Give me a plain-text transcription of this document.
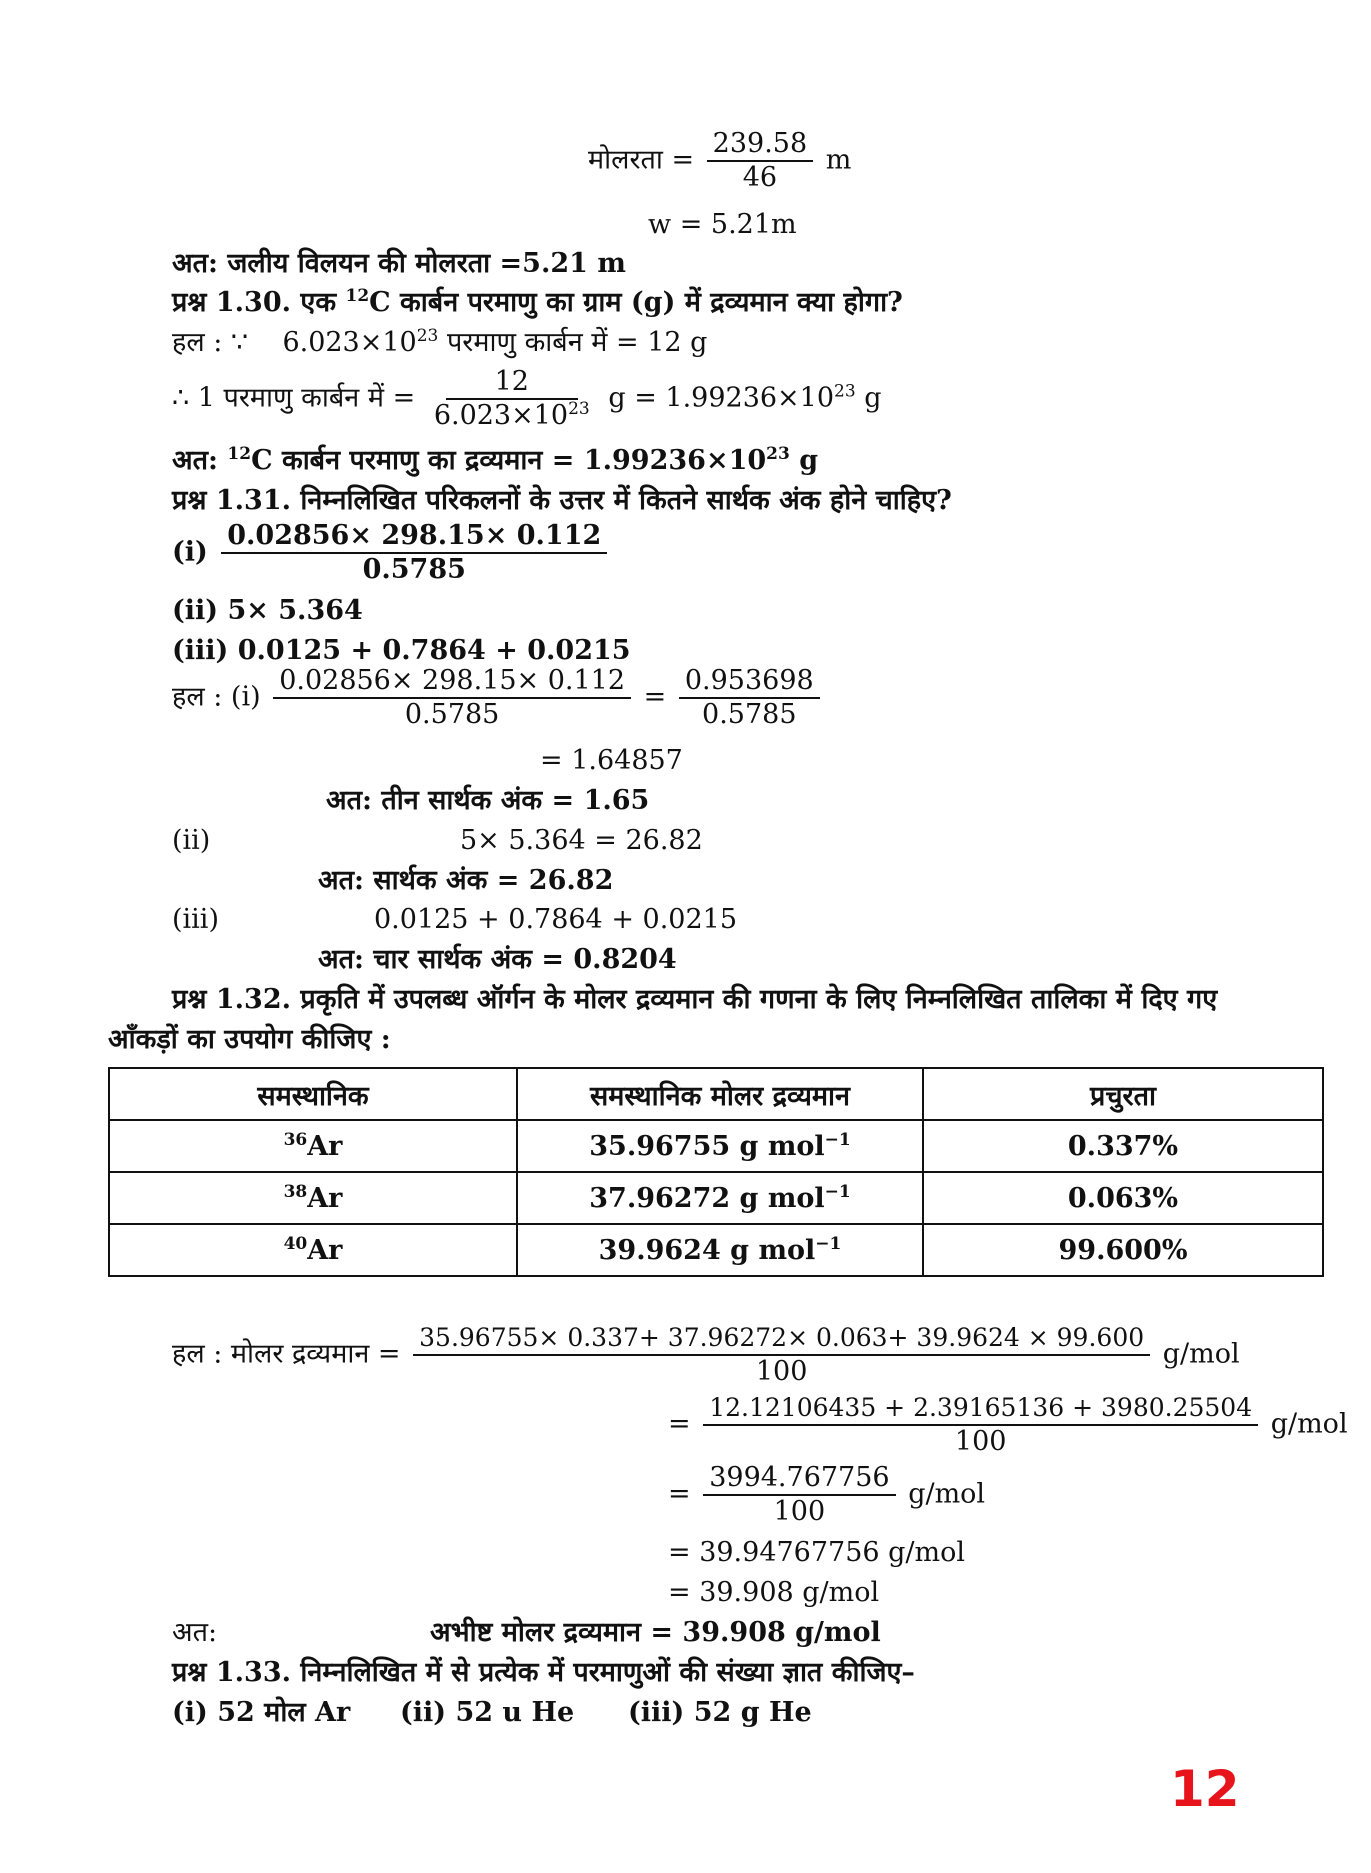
मोलरता = $\frac{239.58}{46}$ m
w = 5.21m
अत: जलीय विलयन की मोलरता =5.21 m
प्रश्न 1.30. एक $^{12}$C कार्बन परमाणु का ग्राम (g) में द्रव्यमान क्या होगा?
हल : ∵ $6.023\times 10^{23}$ परमाणु कार्बन में = 12 g
∴ 1 परमाणु कार्बन में = $\frac{12}{6.023\times 10^{23}}$ $g = 1.99236\times 10^{23}$ g
अत: $^{12}$C कार्बन परमाणु का द्रव्यमान = $1.99236\times 10^{23}$ g
प्रश्न 1.31. निम्नलिखित परिकलनों के उत्तर में कितने सार्थक अंक होने चाहिए?
$(i) \frac{0.02856\times 298.15\times 0.112}{0.5785}$
(ii) 5× 5.364
(iii) 0.0125 + 0.7864 + 0.0215
हल : $(i) \frac{0.02856\times 298.15\times 0.112}{0.5785} = \frac{0.953698}{0.5785}$
= 1.64857
अत: तीन सार्थक अंक = 1.65
(ii)	5× 5.364 = 26.82
अत: सार्थक अंक = 26.82
(iii)	0.0125 + 0.7864 + 0.0215
अत: चार सार्थक अंक = 0.8204
प्रश्न 1.32. प्रकृति में उपलब्ध ऑर्गन के मोलर द्रव्यमान की गणना के लिए निम्नलिखित तालिका में दिए गए
आँकड़ों का उपयोग कीजिए :
समस्थानिक	समस्थानिक मोलर द्रव्यमान	प्रचुरता
$^{36}$Ar	35.96755 g mol$^{-1}$	0.337%
$^{38}$Ar	37.96272 g mol$^{-1}$	0.063%
$^{40}$Ar	39.9624 g mol$^{-1}$	99.600%
हल : मोलर द्रव्यमान = $\frac{35.96755\times 0.337+ 37.96272\times 0.063+ 39.9624 \times 99.600}{100} g/mol$
= $\frac{12.12106435 + 2.39165136 + 3980.25504}{100} g/mol$
= $\frac{3994.767756}{100} g/mol$
= 39.94767756 g/mol
= 39.908 g/mol
अत:	अभीष्ट मोलर द्रव्यमान = 39.908 g/mol
प्रश्न 1.33. निम्नलिखित में से प्रत्येक में परमाणुओं की संख्या ज्ञात कीजिए–
(i) 52 मोल Ar (ii) 52 u He (iii) 52 g He
12
